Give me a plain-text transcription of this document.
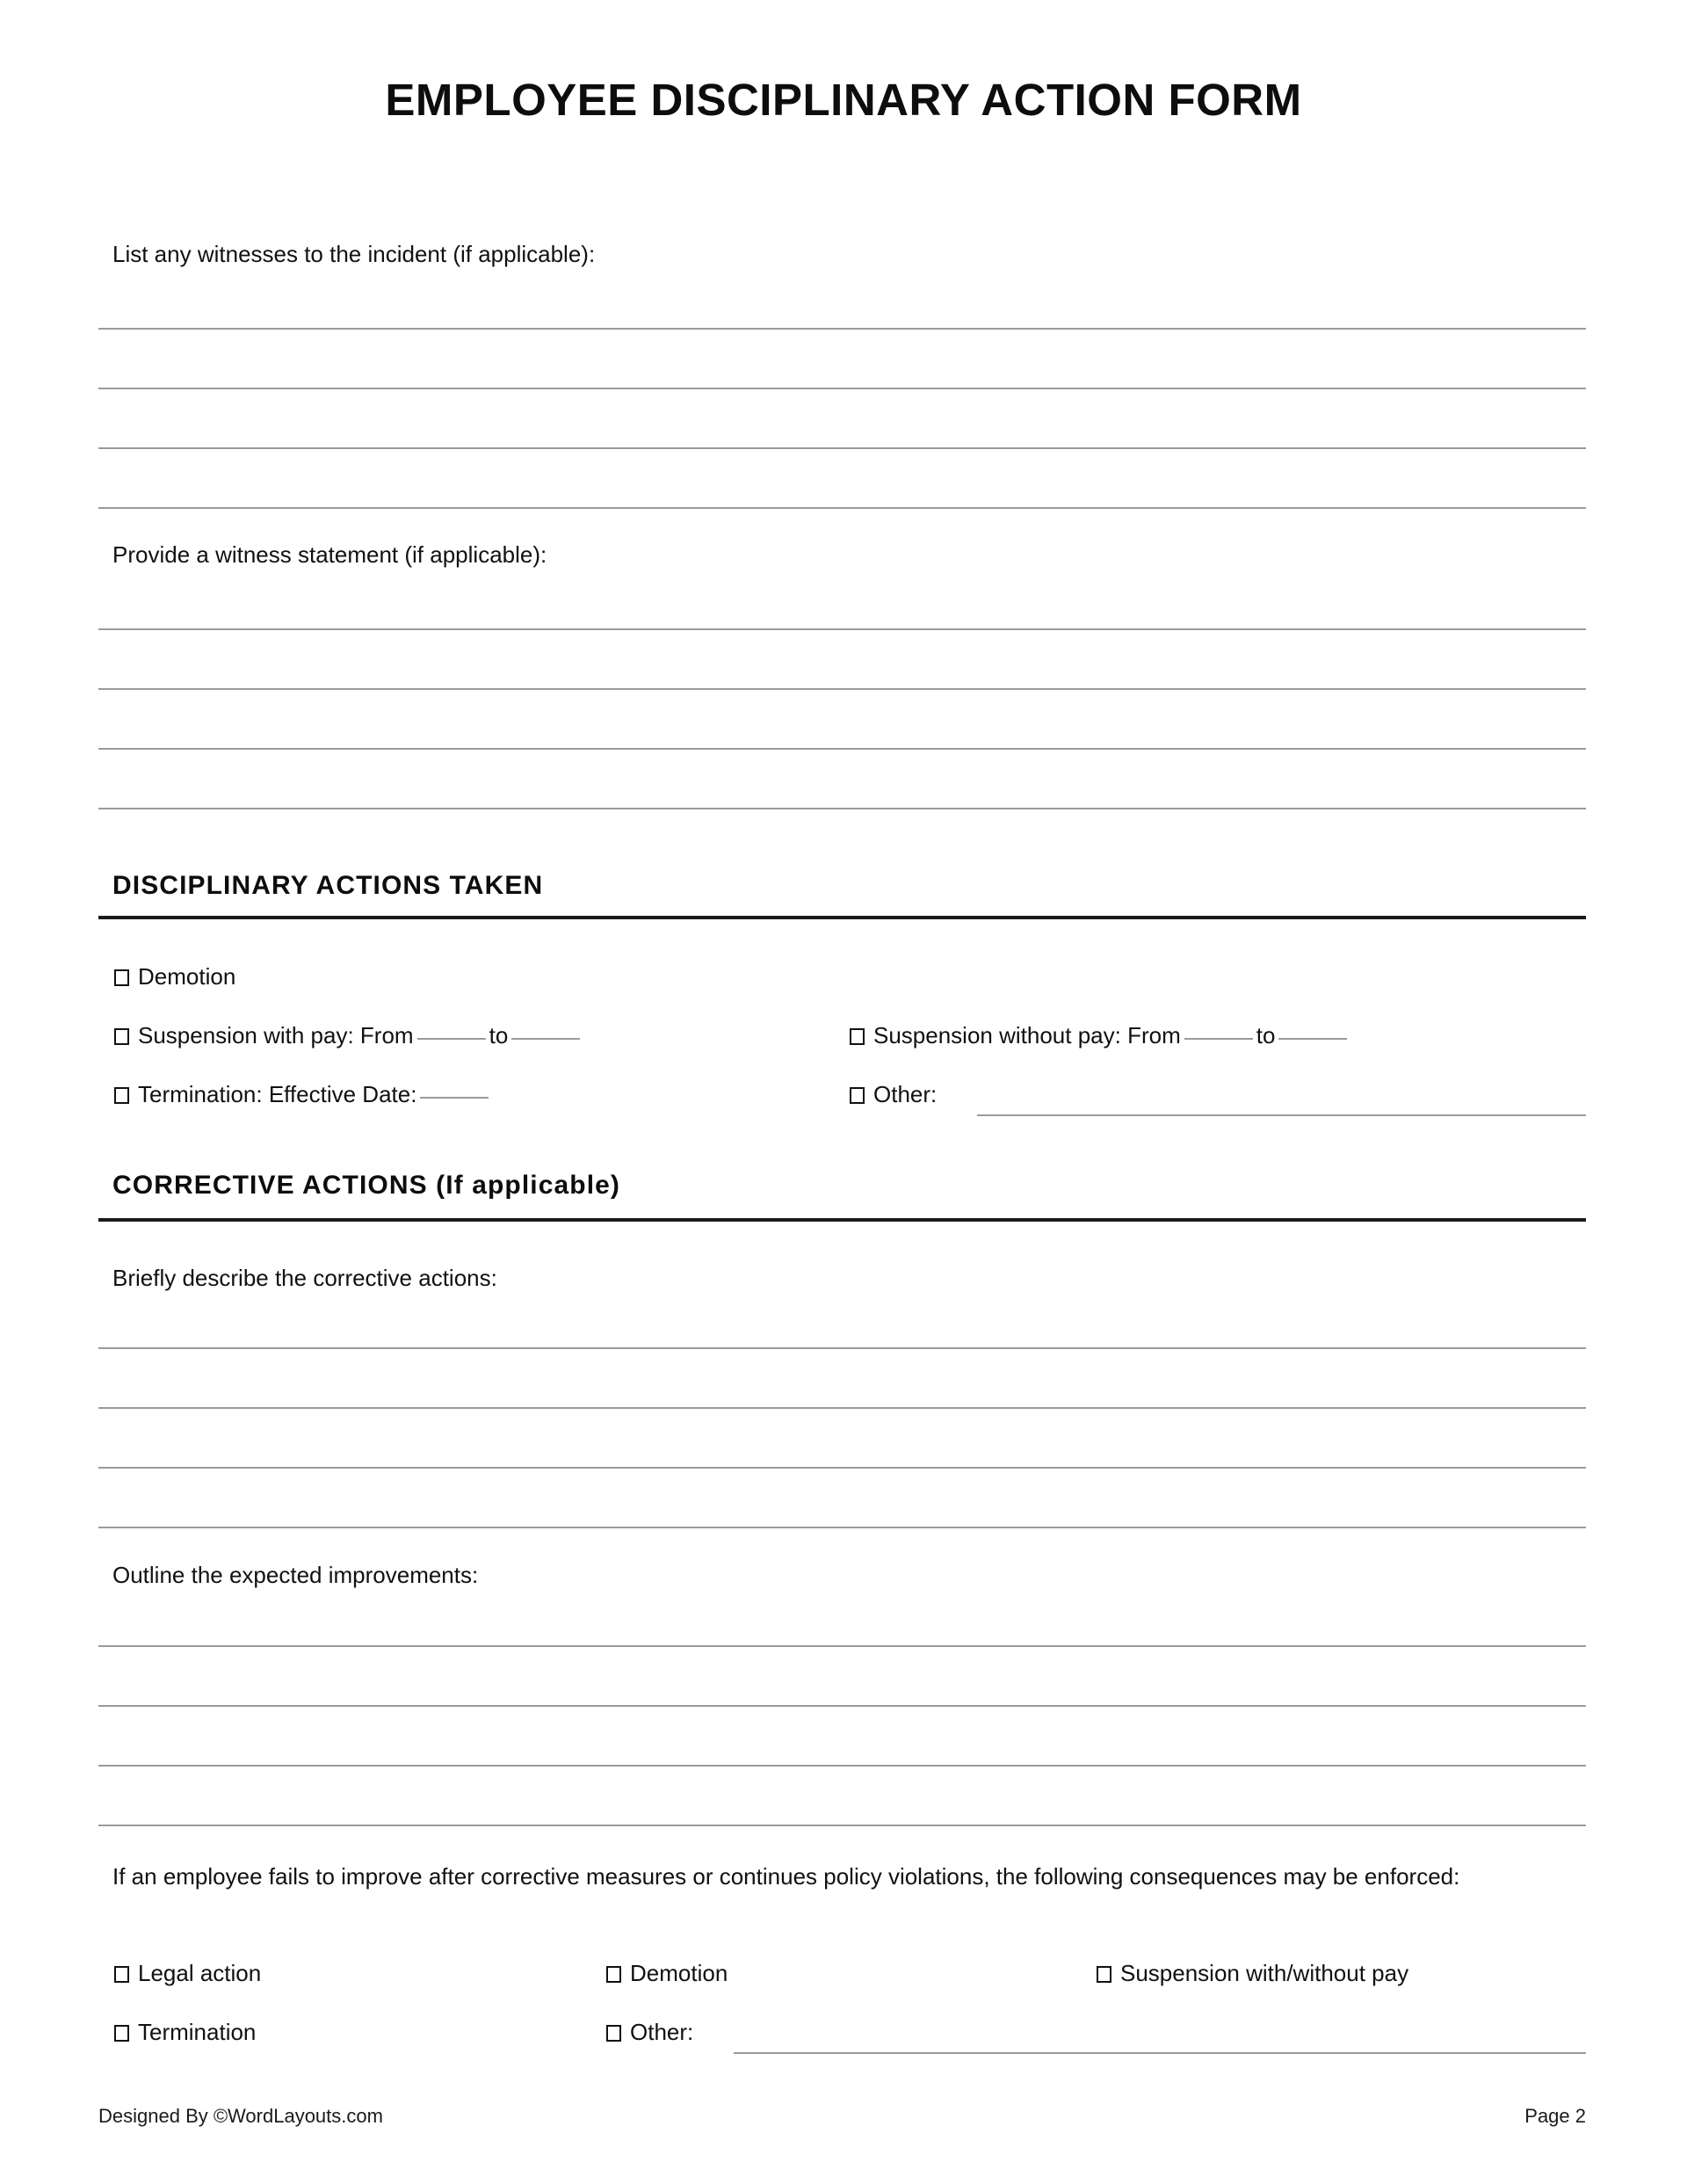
EMPLOYEE DISCIPLINARY ACTION FORM
List any witnesses to the incident (if applicable):
Provide a witness statement (if applicable):
DISCIPLINARY ACTIONS TAKEN
Demotion
Suspension with pay: From	to	Suspension without pay: From	to
Termination: Effective Date:	Other:
CORRECTIVE ACTIONS (If applicable)
Briefly describe the corrective actions:
Outline the expected improvements:
If an employee fails to improve after corrective measures or continues policy violations, the following consequences may be enforced:
Legal action	Demotion	Suspension with/without pay
Termination	Other:
Designed By ©WordLayouts.com	Page 2
